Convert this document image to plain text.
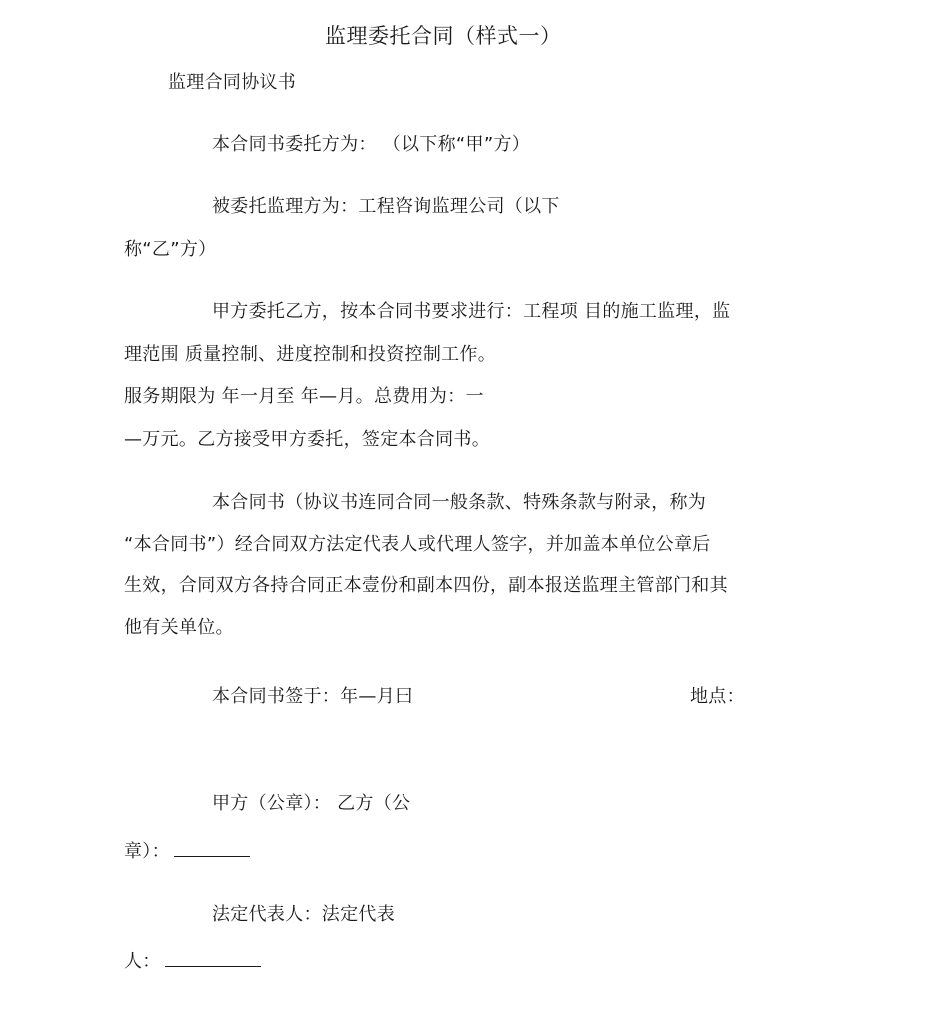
监理委托合同（样式一）
监理合同协议书
本合同书委托方为： （以下称“甲”方）
被委托监理方为：工程咨询监理公司（以下
称“乙”方）
甲方委托乙方，按本合同书要求进行：工程项 目的施工监理，监
理范围 质量控制、进度控制和投资控制工作。
服务期限为 年一月至 年—月。总费用为：一
—万元。乙方接受甲方委托，签定本合同书。
本合同书（协议书连同合同一般条款、特殊条款与附录，称为
“本合同书”）经合同双方法定代表人或代理人签字，并加盖本单位公章后
生效，合同双方各持合同正本壹份和副本四份，副本报送监理主管部门和其
他有关单位。
本合同书签于：年—月曰	地点：
甲方（公章）： 乙方（公
章）：
法定代表人：法定代表
人：
